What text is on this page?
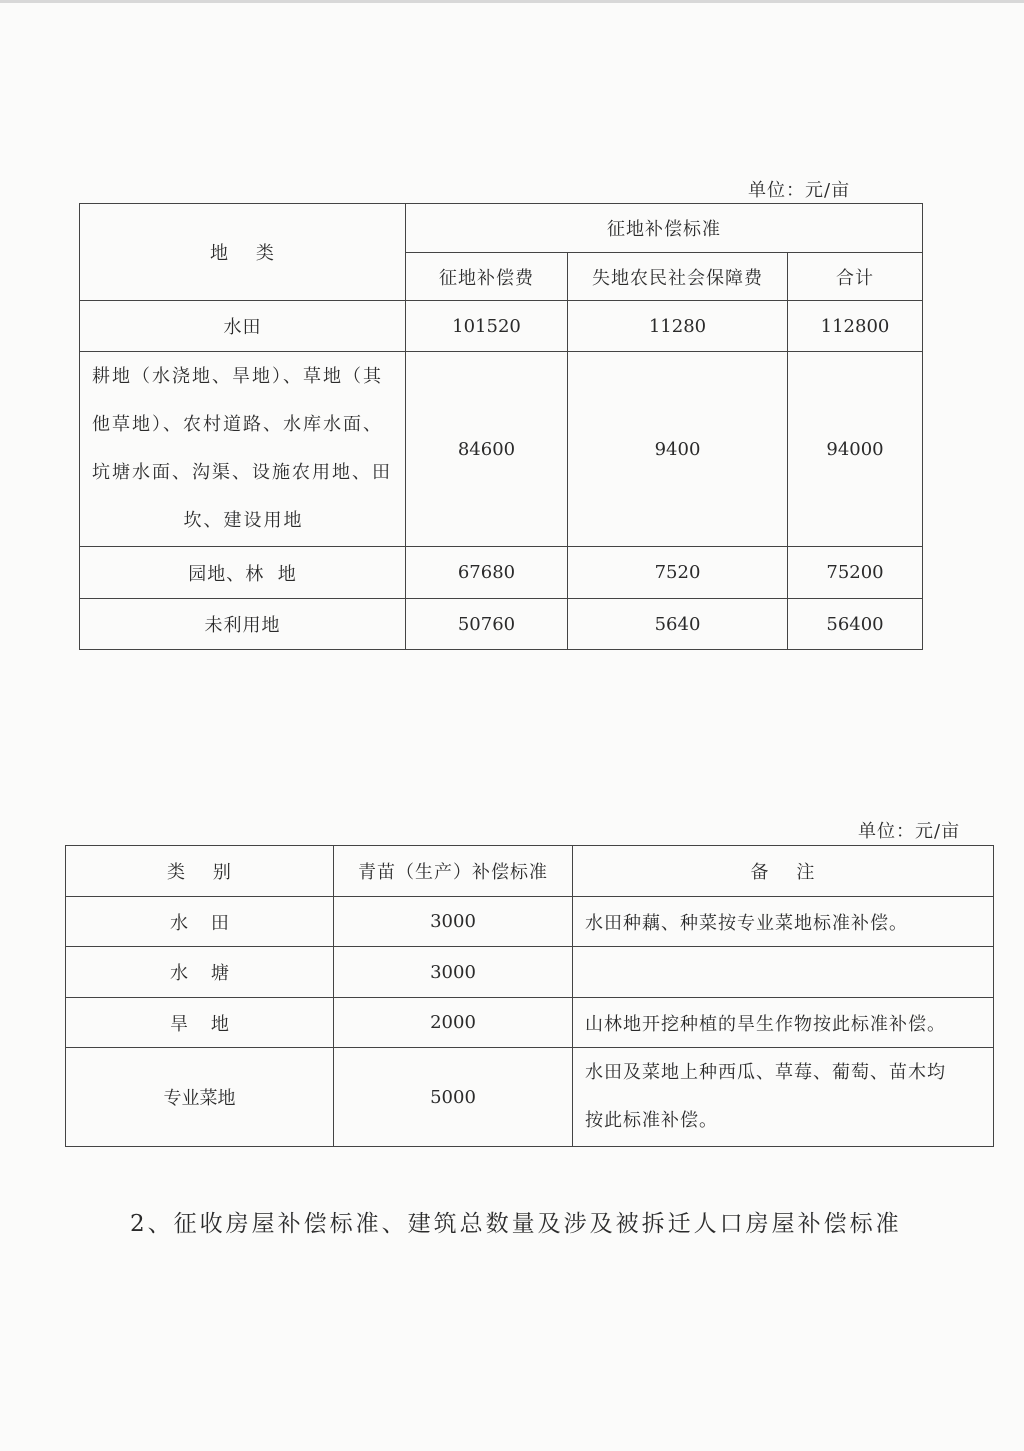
单位：元/亩
地    类	征地补偿标准		
	征地补偿费	失地农民社会保障费	合计
水田	101520	11280	112800

耕地（水浇地、旱地）、草地（其
他草地）、农村道路、水库水面、
坑塘水面、沟渠、设施农用地、田
坎、建设用地	84600	9400	94000
园地、林  地	67680	7520	75200
未利用地	50760	5640	56400
单位：元/亩
类    别	青苗（生产）补偿标准	备    注
水    田	3000	水田种藕、种菜按专业菜地标准补偿。
水    塘	3000	
旱    地	2000	山林地开挖种植的旱生作物按此标准补偿。
专业菜地	5000	水田及菜地上种西瓜、草莓、葡萄、苗木均
按此标准补偿。
2、征收房屋补偿标准、建筑总数量及涉及被拆迁人口房屋补偿标准
